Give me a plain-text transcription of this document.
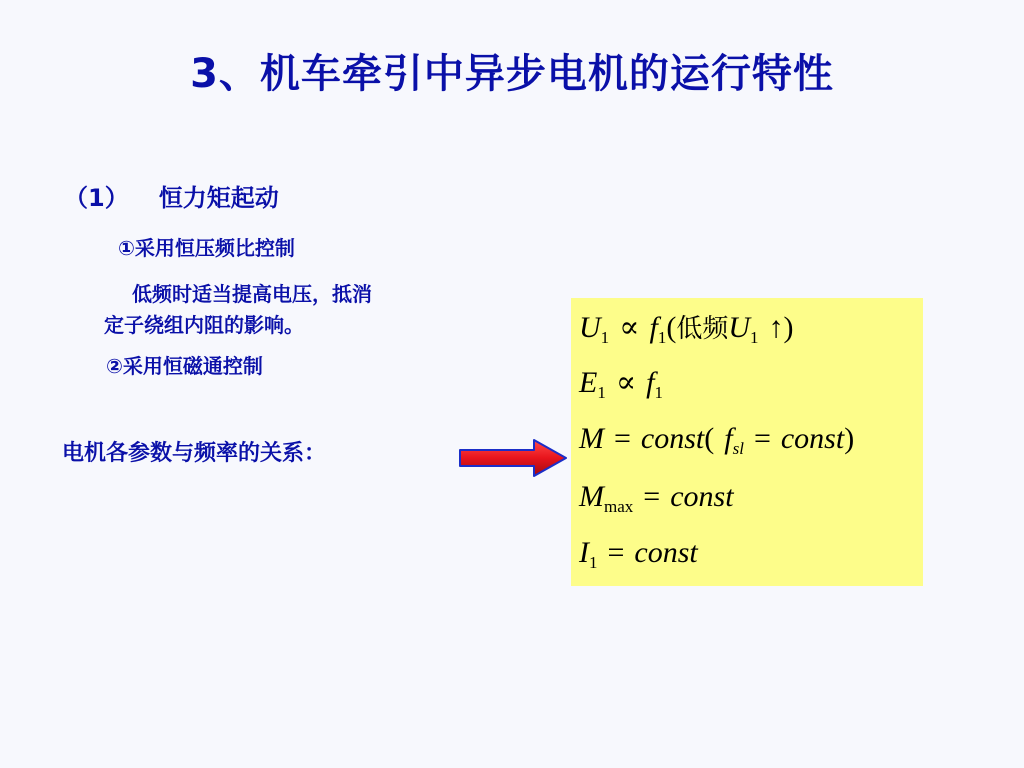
3、机车牵引中异步电机的运行特性
（1） 恒力矩起动
①采用恒压频比控制
低频时适当提高电压，抵消
定子绕组内阻的影响。
②采用恒磁通控制
电机各参数与频率的关系：
$U_1 \propto f_1$(低频$U_1$ ↑)
$E_1 \propto f_1$
M = const( $f_{sl}$ = const)
$M_{max}$ = const
$I_1$ = const
